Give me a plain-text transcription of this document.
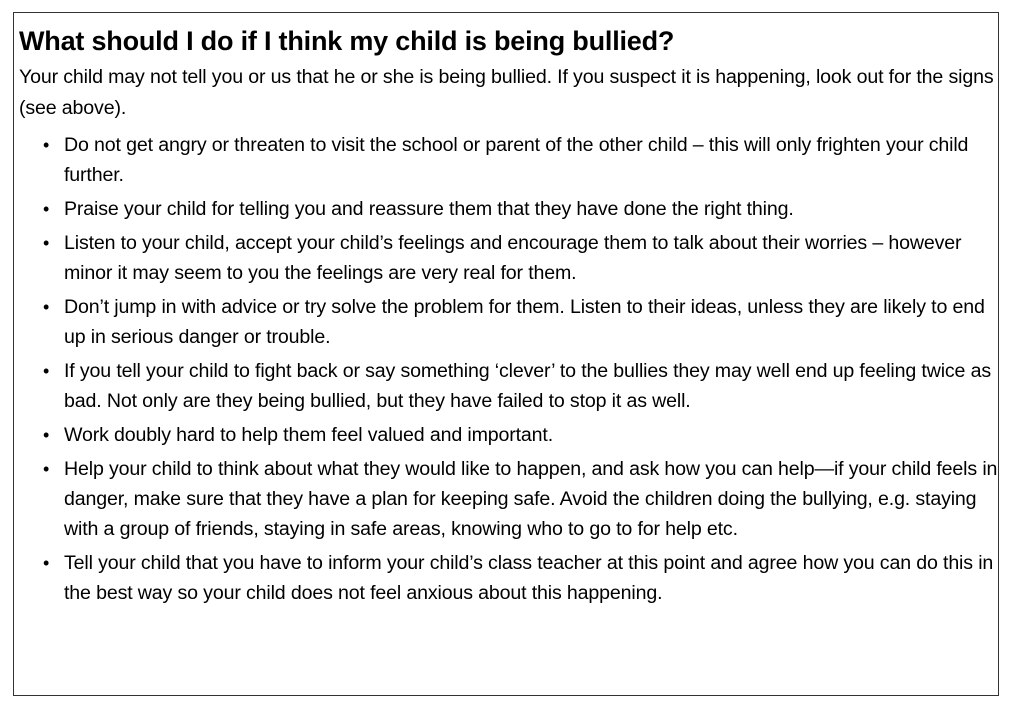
What should I do if I think my child is being bullied?

Your child may not tell you or us that he or she is being bullied. If you suspect it is happening, look out for the signs (see above).

• Do not get angry or threaten to visit the school or parent of the other child – this will only frighten your child further.
• Praise your child for telling you and reassure them that they have done the right thing.
• Listen to your child, accept your child’s feelings and encourage them to talk about their worries – however minor it may seem to you the feelings are very real for them.
• Don’t jump in with advice or try solve the problem for them. Listen to their ideas, unless they are likely to end up in serious danger or trouble.
• If you tell your child to fight back or say something ‘clever’ to the bullies they may well end up feeling twice as bad. Not only are they being bullied, but they have failed to stop it as well.
• Work doubly hard to help them feel valued and important.
• Help your child to think about what they would like to happen, and ask how you can help—if your child feels in danger, make sure that they have a plan for keeping safe. Avoid the children doing the bullying, e.g. staying with a group of friends, staying in safe areas, knowing who to go to for help etc.
• Tell your child that you have to inform your child’s class teacher at this point and agree how you can do this in the best way so your child does not feel anxious about this happening.
